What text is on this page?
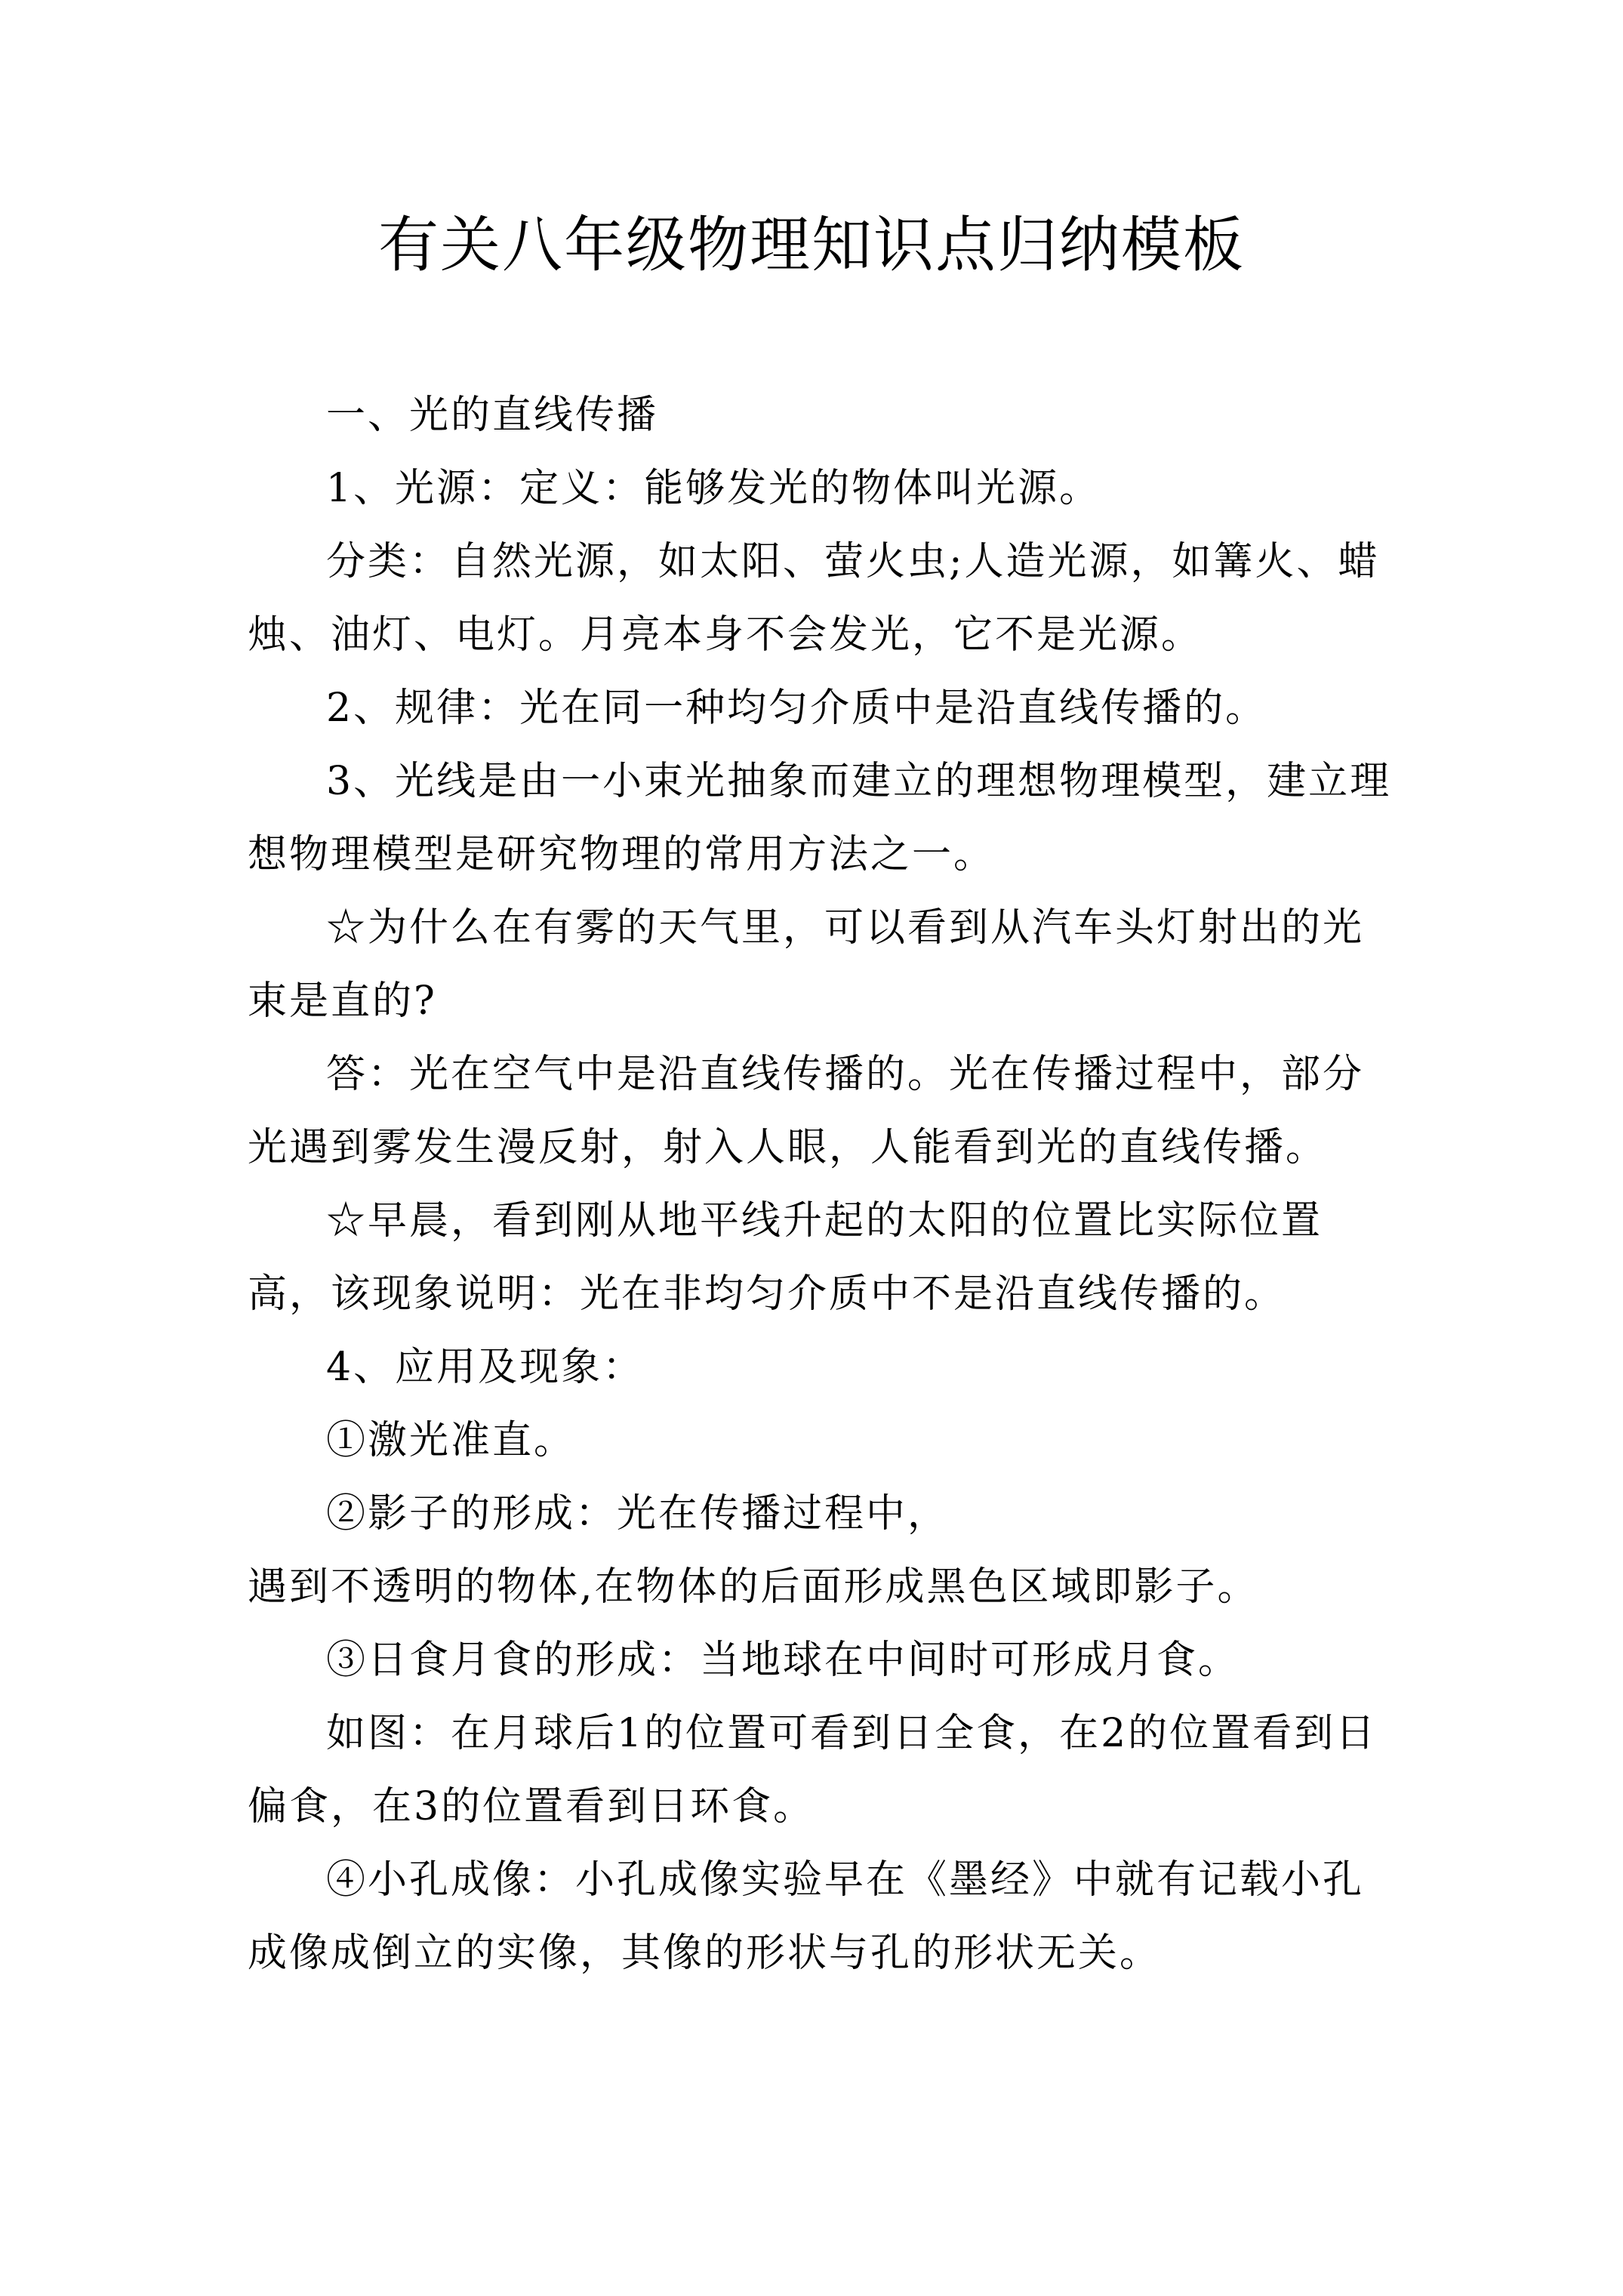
有关八年级物理知识点归纳模板

一、光的直线传播

1、光源：定义：能够发光的物体叫光源。

分类：自然光源，如太阳、萤火虫;人造光源，如篝火、蜡烛、油灯、电灯。月亮本身不会发光，它不是光源。

2、规律：光在同一种均匀介质中是沿直线传播的。

3、光线是由一小束光抽象而建立的理想物理模型，建立理想物理模型是研究物理的常用方法之一。

☆为什么在有雾的天气里，可以看到从汽车头灯射出的光束是直的?

答：光在空气中是沿直线传播的。光在传播过程中，部分光遇到雾发生漫反射，射入人眼，人能看到光的直线传播。

☆早晨，看到刚从地平线升起的太阳的位置比实际位置高，该现象说明：光在非均匀介质中不是沿直线传播的。

4、应用及现象：

①激光准直。

②影子的形成：光在传播过程中，

遇到不透明的物体,在物体的后面形成黑色区域即影子。

③日食月食的形成：当地球在中间时可形成月食。

如图：在月球后1的位置可看到日全食，在2的位置看到日偏食，在3的位置看到日环食。

④小孔成像：小孔成像实验早在《墨经》中就有记载小孔成像成倒立的实像，其像的形状与孔的形状无关。
